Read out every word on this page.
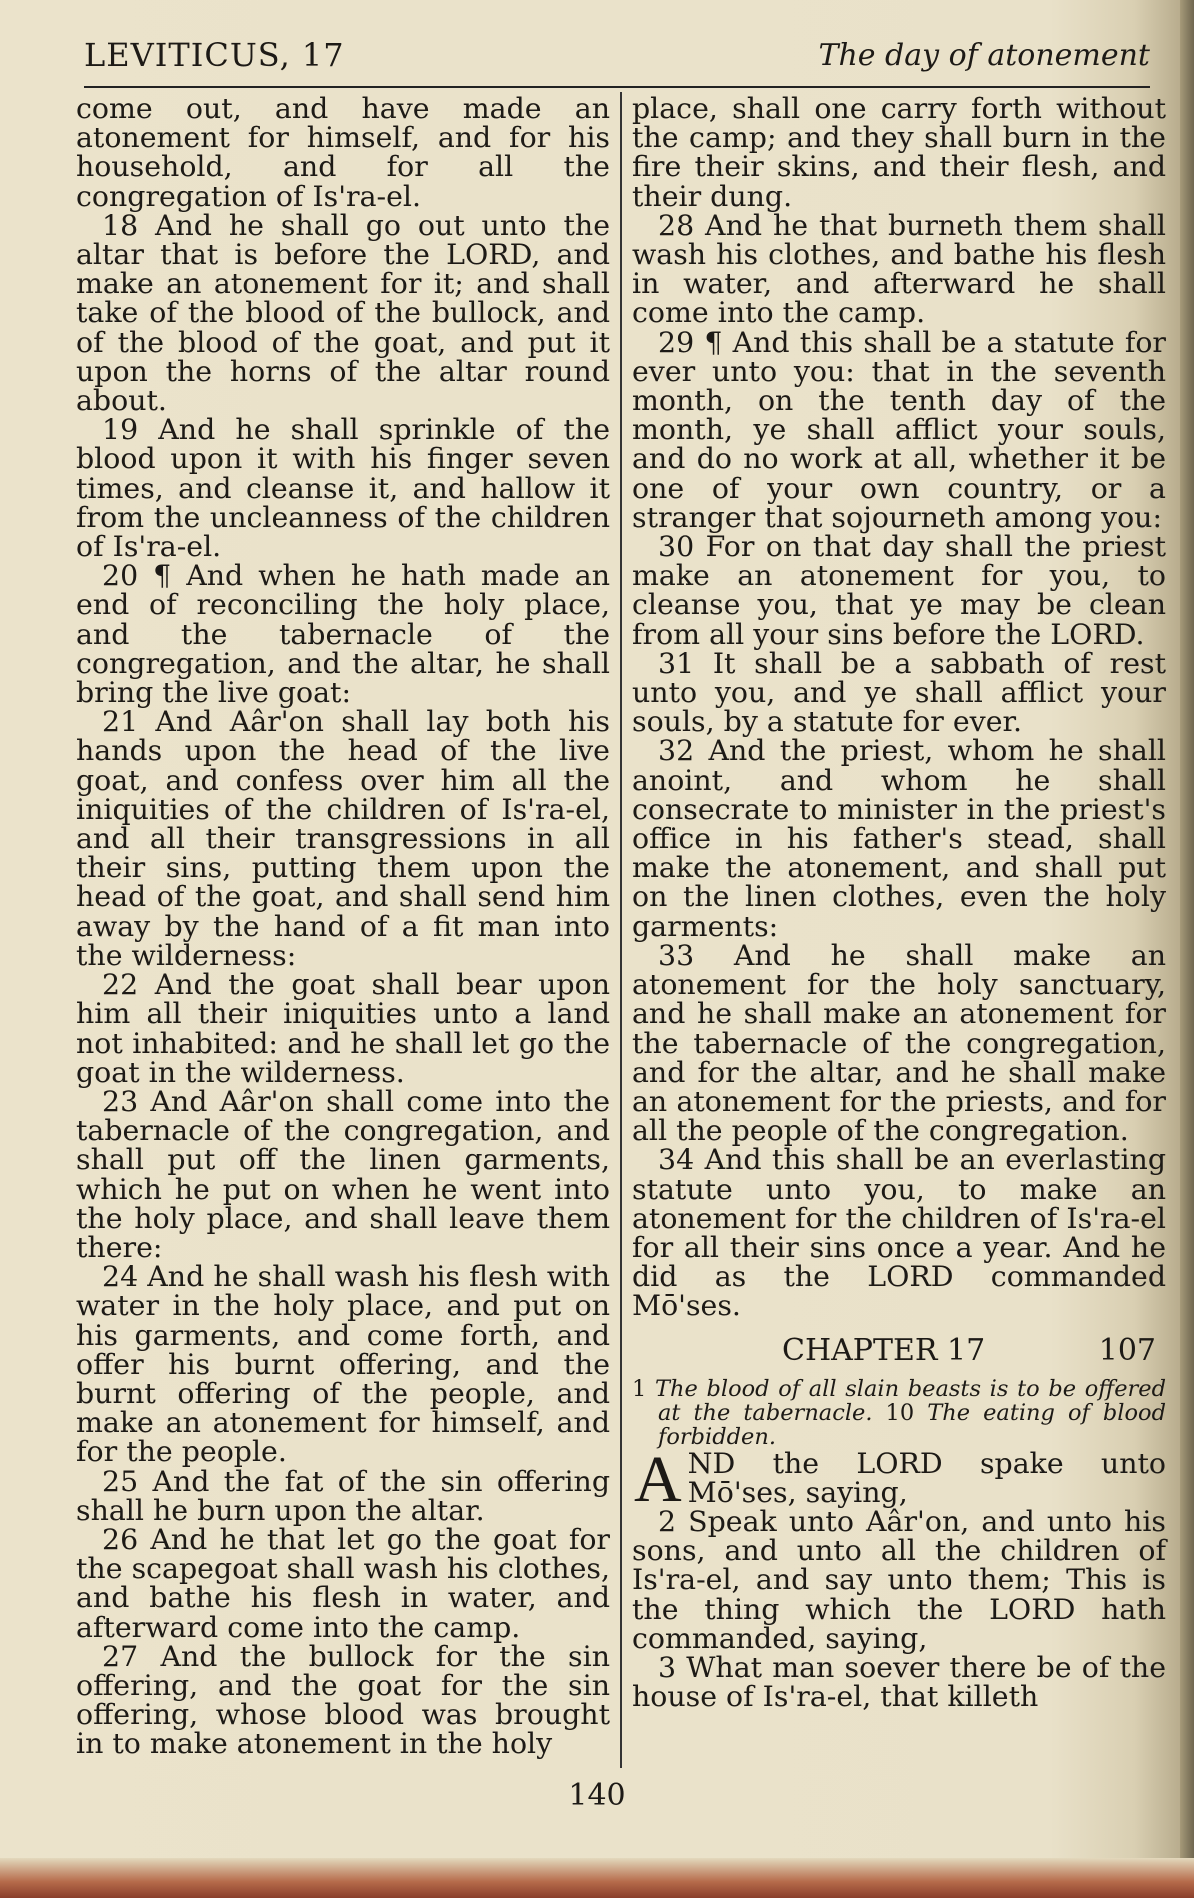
LEVITICUS, 17	The day of atonement

come out, and have made an atonement for himself, and for his household, and for all the congregation of Is'ra-el.

18 And he shall go out unto the altar that is before the LORD, and make an atonement for it; and shall take of the blood of the bullock, and of the blood of the goat, and put it upon the horns of the altar round about.

19 And he shall sprinkle of the blood upon it with his finger seven times, and cleanse it, and hallow it from the uncleanness of the children of Is'ra-el.

20 ¶ And when he hath made an end of reconciling the holy place, and the tabernacle of the congregation, and the altar, he shall bring the live goat:

21 And Aâr'on shall lay both his hands upon the head of the live goat, and confess over him all the iniquities of the children of Is'ra-el, and all their transgressions in all their sins, putting them upon the head of the goat, and shall send him away by the hand of a fit man into the wilderness:

22 And the goat shall bear upon him all their iniquities unto a land not inhabited: and he shall let go the goat in the wilderness.

23 And Aâr'on shall come into the tabernacle of the congregation, and shall put off the linen garments, which he put on when he went into the holy place, and shall leave them there:

24 And he shall wash his flesh with water in the holy place, and put on his garments, and come forth, and offer his burnt offering, and the burnt offering of the people, and make an atonement for himself, and for the people.

25 And the fat of the sin offering shall he burn upon the altar.

26 And he that let go the goat for the scapegoat shall wash his clothes, and bathe his flesh in water, and afterward come into the camp.

27 And the bullock for the sin offering, and the goat for the sin offering, whose blood was brought in to make atonement in the holy

place, shall one carry forth without the camp; and they shall burn in the fire their skins, and their flesh, and their dung.

28 And he that burneth them shall wash his clothes, and bathe his flesh in water, and afterward he shall come into the camp.

29 ¶ And this shall be a statute for ever unto you: that in the seventh month, on the tenth day of the month, ye shall afflict your souls, and do no work at all, whether it be one of your own country, or a stranger that sojourneth among you:

30 For on that day shall the priest make an atonement for you, to cleanse you, that ye may be clean from all your sins before the LORD.

31 It shall be a sabbath of rest unto you, and ye shall afflict your souls, by a statute for ever.

32 And the priest, whom he shall anoint, and whom he shall consecrate to minister in the priest's office in his father's stead, shall make the atonement, and shall put on the linen clothes, even the holy garments:

33 And he shall make an atonement for the holy sanctuary, and he shall make an atonement for the tabernacle of the congregation, and for the altar, and he shall make an atonement for the priests, and for all the people of the congregation.

34 And this shall be an everlasting statute unto you, to make an atonement for the children of Is'ra-el for all their sins once a year. And he did as the LORD commanded Mō'ses.

CHAPTER 17	107

1 The blood of all slain beasts is to be offered at the tabernacle. 10 The eating of blood forbidden.

AND the LORD spake unto Mō'ses, saying,

2 Speak unto Aâr'on, and unto his sons, and unto all the children of Is'ra-el, and say unto them; This is the thing which the LORD hath commanded, saying,

3 What man soever there be of the house of Is'ra-el, that killeth

140
